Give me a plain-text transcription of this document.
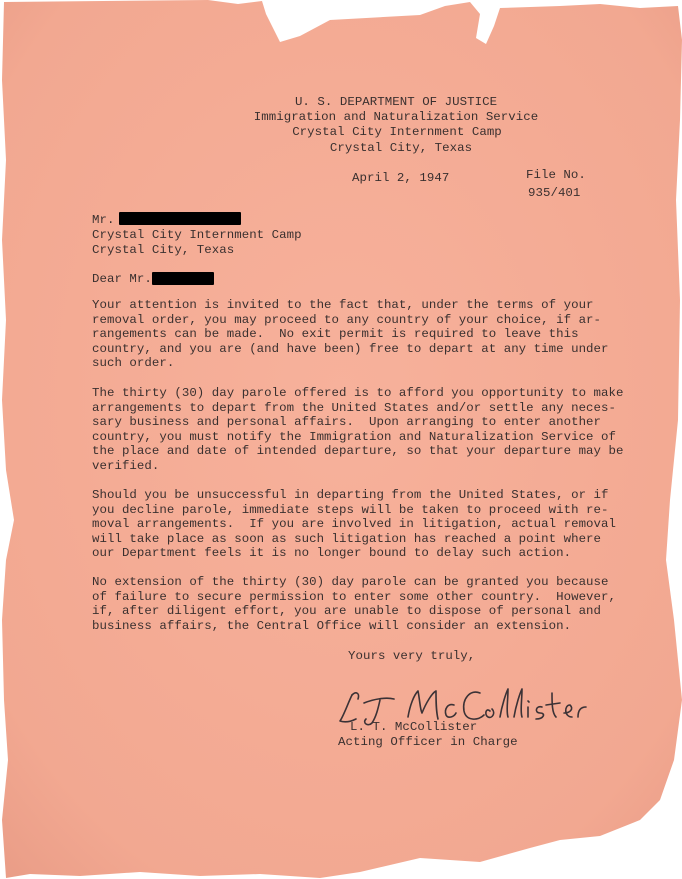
U. S. DEPARTMENT OF JUSTICE
Immigration and Naturalization Service
Crystal City Internment Camp
Crystal City, Texas
April 2, 1947	File No.
935/401
Mr.
Crystal City Internment Camp
Crystal City, Texas
Dear Mr.
Your attention is invited to the fact that, under the terms of your
removal order, you may proceed to any country of your choice, if ar-
rangements can be made.  No exit permit is required to leave this
country, and you are (and have been) free to depart at any time under
such order.
The thirty (30) day parole offered is to afford you opportunity to make
arrangements to depart from the United States and/or settle any neces-
sary business and personal affairs.  Upon arranging to enter another
country, you must notify the Immigration and Naturalization Service of
the place and date of intended departure, so that your departure may be
verified.
Should you be unsuccessful in departing from the United States, or if
you decline parole, immediate steps will be taken to proceed with re-
moval arrangements.  If you are involved in litigation, actual removal
will take place as soon as such litigation has reached a point where
our Department feels it is no longer bound to delay such action.
No extension of the thirty (30) day parole can be granted you because
of failure to secure permission to enter some other country.  However,
if, after diligent effort, you are unable to dispose of personal and
business affairs, the Central Office will consider an extension.
Yours very truly,
L. T. McCollister
Acting Officer in Charge
